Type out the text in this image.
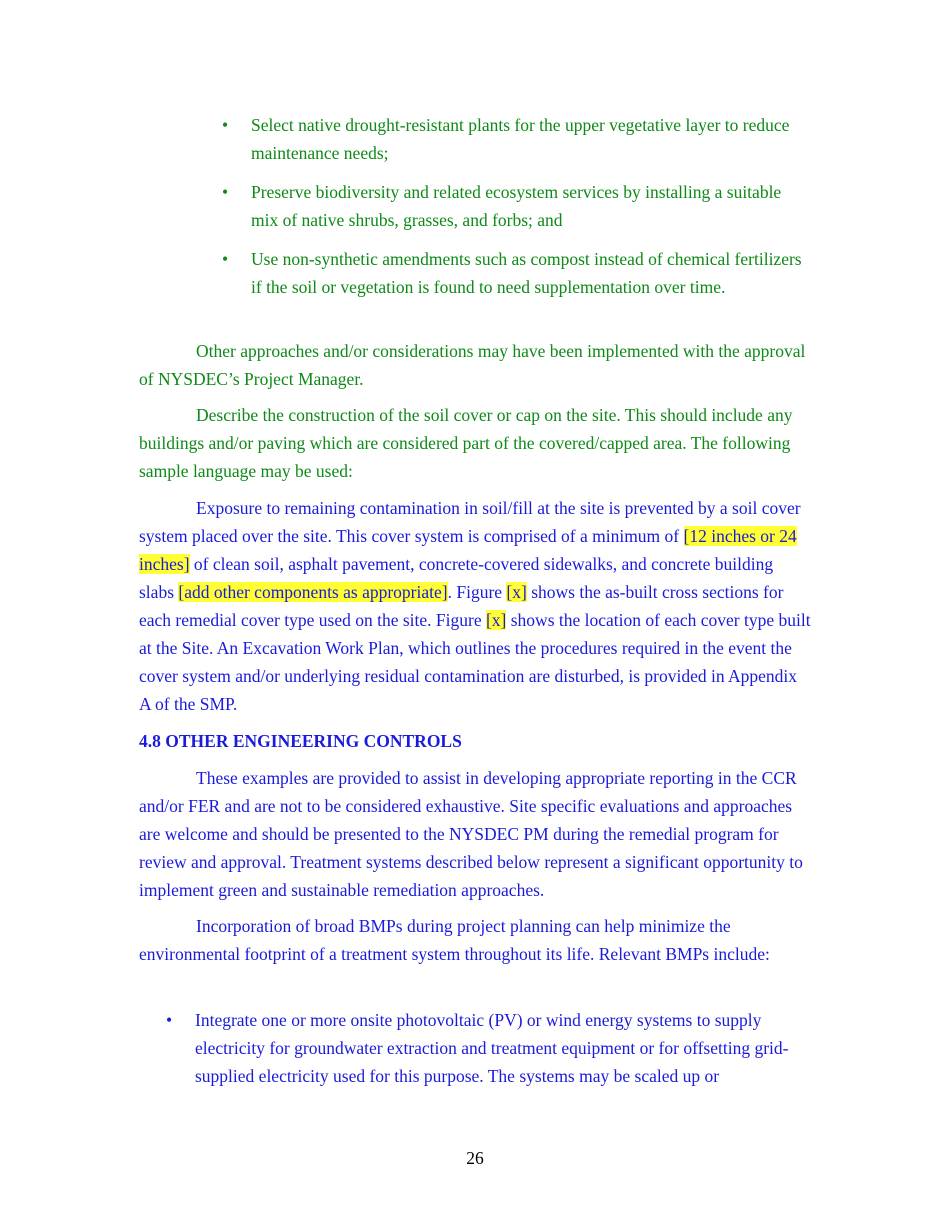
• Select native drought-resistant plants for the upper vegetative layer to reduce maintenance needs;
• Preserve biodiversity and related ecosystem services by installing a suitable mix of native shrubs, grasses, and forbs; and
• Use non-synthetic amendments such as compost instead of chemical fertilizers if the soil or vegetation is found to need supplementation over time.

Other approaches and/or considerations may have been implemented with the approval of NYSDEC’s Project Manager.

Describe the construction of the soil cover or cap on the site. This should include any buildings and/or paving which are considered part of the covered/capped area. The following sample language may be used:

Exposure to remaining contamination in soil/fill at the site is prevented by a soil cover system placed over the site. This cover system is comprised of a minimum of [12 inches or 24 inches] of clean soil, asphalt pavement, concrete-covered sidewalks, and concrete building slabs [add other components as appropriate]. Figure [x] shows the as-built cross sections for each remedial cover type used on the site. Figure [x] shows the location of each cover type built at the Site. An Excavation Work Plan, which outlines the procedures required in the event the cover system and/or underlying residual contamination are disturbed, is provided in Appendix A of the SMP.

4.8 OTHER ENGINEERING CONTROLS

These examples are provided to assist in developing appropriate reporting in the CCR and/or FER and are not to be considered exhaustive. Site specific evaluations and approaches are welcome and should be presented to the NYSDEC PM during the remedial program for review and approval. Treatment systems described below represent a significant opportunity to implement green and sustainable remediation approaches.

Incorporation of broad BMPs during project planning can help minimize the environmental footprint of a treatment system throughout its life. Relevant BMPs include:

• Integrate one or more onsite photovoltaic (PV) or wind energy systems to supply electricity for groundwater extraction and treatment equipment or for offsetting grid-supplied electricity used for this purpose. The systems may be scaled up or
26
